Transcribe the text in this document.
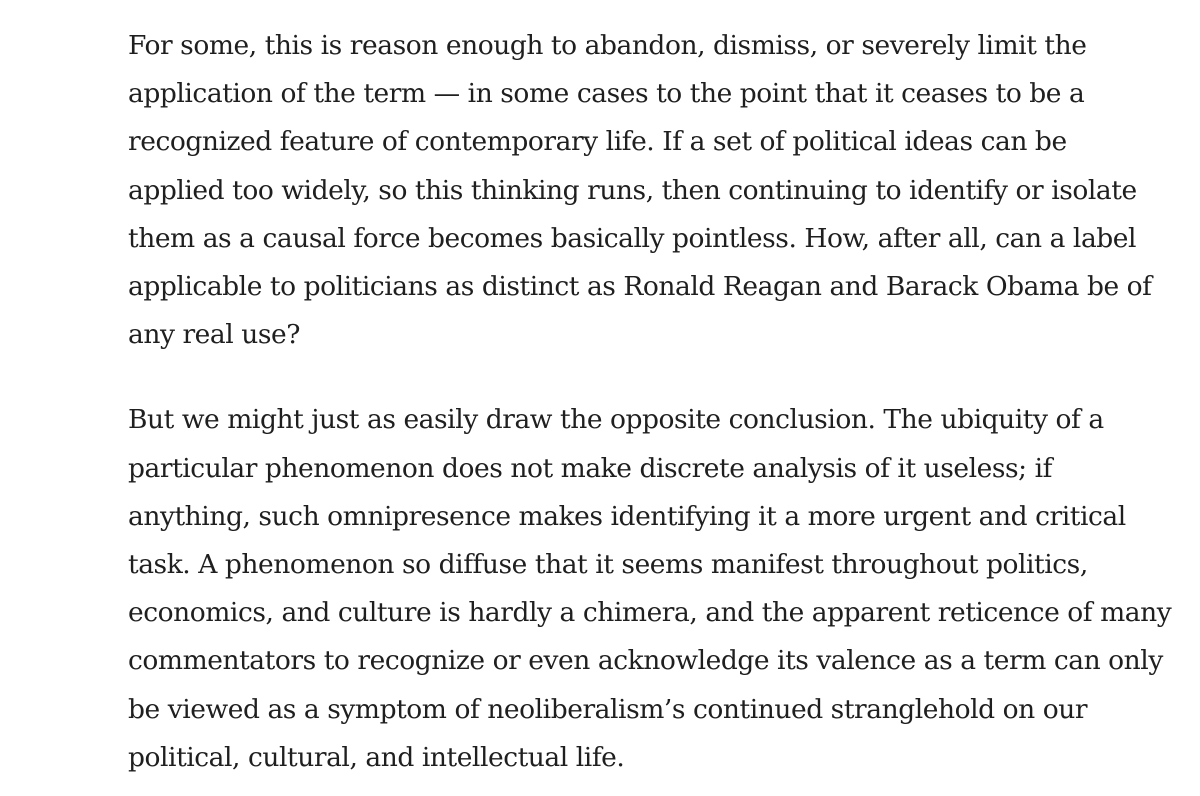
For some, this is reason enough to abandon, dismiss, or severely limit the
application of the term — in some cases to the point that it ceases to be a
recognized feature of contemporary life. If a set of political ideas can be
applied too widely, so this thinking runs, then continuing to identify or isolate
them as a causal force becomes basically pointless. How, after all, can a label
applicable to politicians as distinct as Ronald Reagan and Barack Obama be of
any real use?

But we might just as easily draw the opposite conclusion. The ubiquity of a
particular phenomenon does not make discrete analysis of it useless; if
anything, such omnipresence makes identifying it a more urgent and critical
task. A phenomenon so diffuse that it seems manifest throughout politics,
economics, and culture is hardly a chimera, and the apparent reticence of many
commentators to recognize or even acknowledge its valence as a term can only
be viewed as a symptom of neoliberalism’s continued stranglehold on our
political, cultural, and intellectual life.
